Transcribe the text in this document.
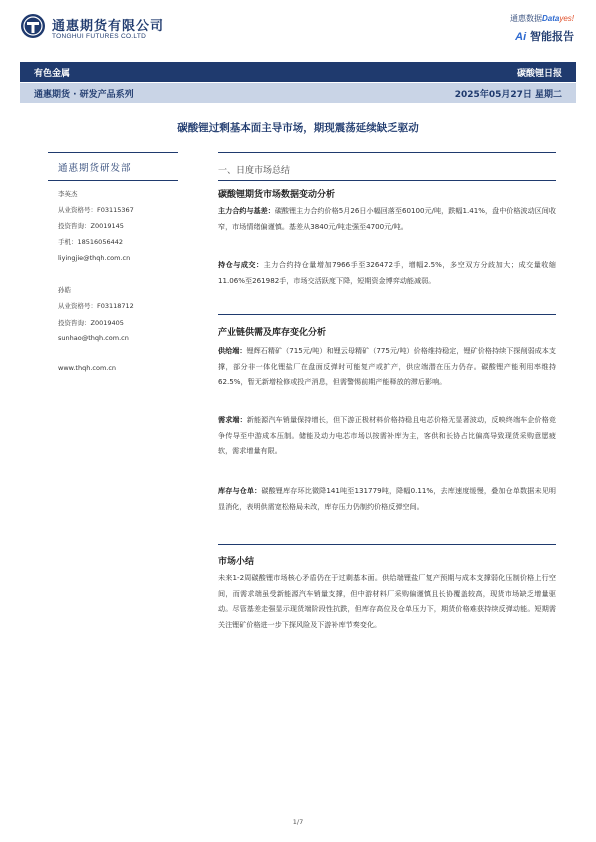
通惠期货有限公司
TONGHUI FUTURES CO.LTD
通惠数据Datayes!
Ai 智能报告
有色金属	碳酸锂日报
通惠期货 · 研发产品系列	2025年05月27日 星期二
碳酸锂过剩基本面主导市场，期现震荡延续缺乏驱动
通惠期货研发部
李英杰
从业资格号：F03115367
投资咨询：Z0019145
手机：18516056442
liyingjie@thqh.com.cn
孙皓
从业资格号：F03118712
投资咨询：Z0019405
sunhao@thqh.com.cn
www.thqh.com.cn
一、日度市场总结
碳酸锂期货市场数据变动分析
主力合约与基差：碳酸锂主力合约价格5月26日小幅回落至60100元/吨，跌幅1.41%，盘中价格波动区间收窄，市场情绪偏谨慎。基差从3840元/吨走强至4700元/吨。
持仓与成交：主力合约持仓量增加7966手至326472手，增幅2.5%，多空双方分歧加大；成交量收缩11.06%至261982手，市场交活跃度下降，短期资金博弈动能减弱。
产业链供需及库存变化分析
供给端：锂辉石精矿（715元/吨）和锂云母精矿（775元/吨）价格维持稳定，锂矿价格持续下探削弱成本支撑，部分非一体化锂盐厂在盘面反弹时可能复产或扩产，供应端潜在压力仍存。碳酸锂产能利用率维持62.5%，暂无新增检修或投产消息，但需警惕前期产能释放的滞后影响。
需求端：新能源汽车销量保持增长，但下游正极材料价格持稳且电芯价格无显著波动，反映终端车企价格竞争传导至中游成本压制。储能及动力电芯市场以按需补库为主，客供和长协占比偏高导致现货采购意愿疲软，需求增量有限。
库存与仓单：碳酸锂库存环比微降141吨至131779吨，降幅0.11%，去库速度缓慢，叠加仓单数据未见明显消化，表明供需宽松格局未改，库存压力仍制约价格反弹空间。
市场小结
未来1-2周碳酸锂市场核心矛盾仍在于过剩基本面。供给端锂盐厂复产预期与成本支撑弱化压制价格上行空间，而需求端虽受新能源汽车销量支撑，但中游材料厂采购偏谨慎且长协覆盖较高，现货市场缺乏增量驱动。尽管基差走强显示现货端阶段性抗跌，但库存高位及仓单压力下，期货价格难获持续反弹动能。短期需关注锂矿价格进一步下探风险及下游补库节奏变化。
1/7
